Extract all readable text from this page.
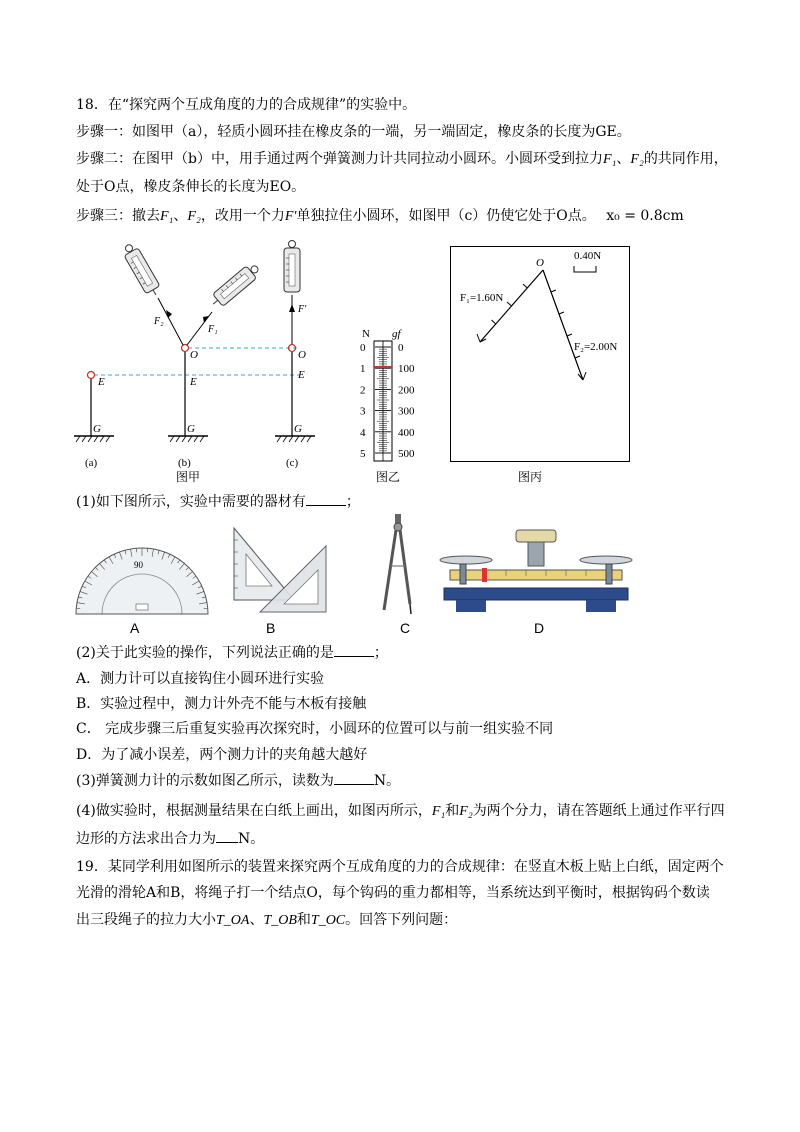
18．在“探究两个互成角度的力的合成规律”的实验中。
步骤一：如图甲（a），轻质小圆环挂在橡皮条的一端，另一端固定，橡皮条的长度为GE。
步骤二：在图甲（b）中，用手通过两个弹簧测力计共同拉动小圆环。小圆环受到拉力F₁、F₂的共同作用，
处于O点，橡皮条伸长的长度为EO。
步骤三：撤去F₁、F₂，改用一个力F′单独拉住小圆环，如图甲（c）仍使它处于O点。 x₀ = 0.8cm
E
G
O
E
G
O
E
G
F₂
F₁
F′
(a)	(b)	(c)
图甲
N gf
0
1
2
3
4
5
0
100
200
300
400
500
图乙
O
0.40N
F₁=1.60N
F₂=2.00N
图丙
(1)如下图所示，实验中需要的器材有	；
90
A	B	C	D
(2)关于此实验的操作，下列说法正确的是	；
A．测力计可以直接钩住小圆环进行实验
B．实验过程中，测力计外壳不能与木板有接触
C． 完成步骤三后重复实验再次探究时，小圆环的位置可以与前一组实验不同
D．为了减小误差，两个测力计的夹角越大越好
(3)弹簧测力计的示数如图乙所示，读数为	N。
(4)做实验时，根据测量结果在白纸上画出，如图丙所示，F₁和F₂为两个分力，请在答题纸上通过作平行四
边形的方法求出合力为 N。
19．某同学利用如图所示的装置来探究两个互成角度的力的合成规律：在竖直木板上贴上白纸，固定两个
光滑的滑轮A和B，将绳子打一个结点O，每个钩码的重力都相等，当系统达到平衡时，根据钩码个数读
出三段绳子的拉力大小T_OA、T_OB和T_OC。回答下列问题：
